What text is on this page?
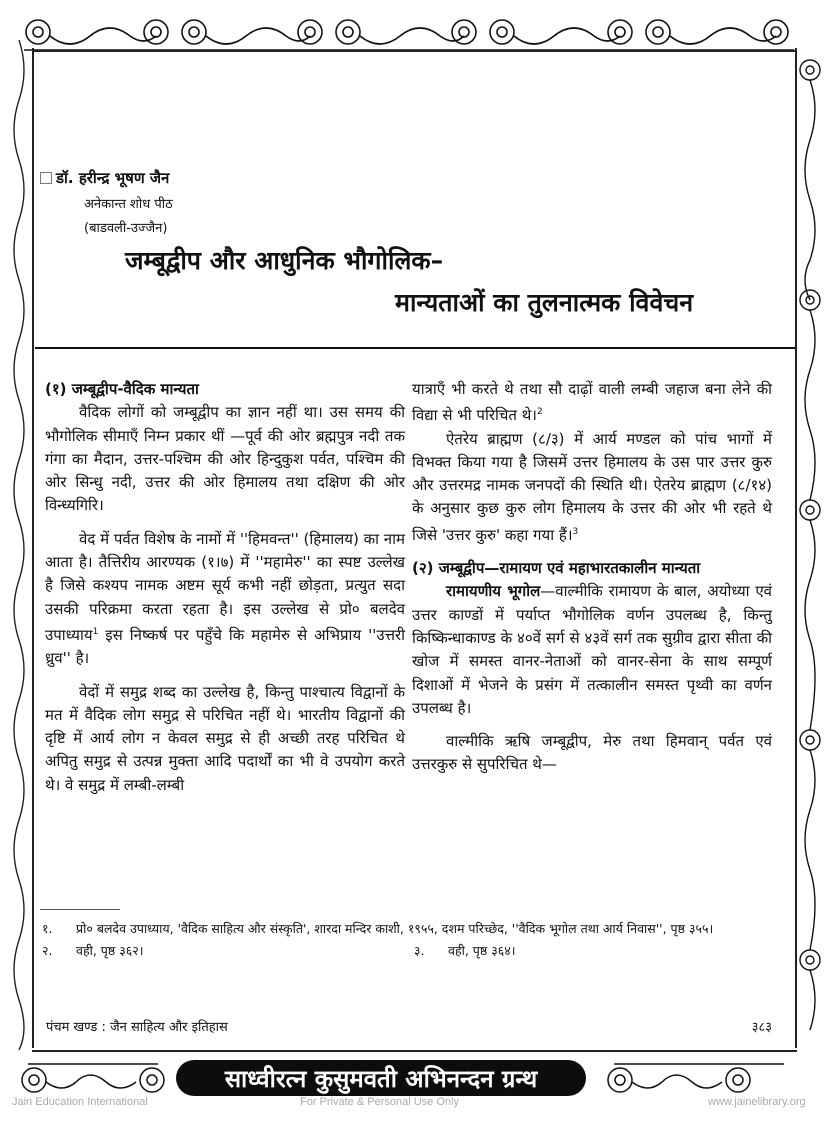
डॉ. हरीन्द्र भूषण जैन
अनेकान्त शोध पीठ
(बाडवली-उज्जैन)
जम्बूद्वीप और आधुनिक भौगोलिक–
मान्यताओं का तुलनात्मक विवेचन

(१) जम्बूद्वीप-वैदिक मान्यता

वैदिक लोगों को जम्बूद्वीप का ज्ञान नहीं था। उस समय की भौगोलिक सीमाएँ निम्न प्रकार थीं —पूर्व की ओर ब्रह्मपुत्र नदी तक गंगा का मैदान, उत्तर-पश्चिम की ओर हिन्दुकुश पर्वत, पश्चिम की ओर सिन्धु नदी, उत्तर की ओर हिमालय तथा दक्षिण की ओर विन्ध्यगिरि।

वेद में पर्वत विशेष के नामों में ''हिमवन्त'' (हिमालय) का नाम आता है। तैत्तिरीय आरण्यक (१।७) में ''महामेरु'' का स्पष्ट उल्लेख है जिसे कश्यप नामक अष्टम सूर्य कभी नहीं छोड़ता, प्रत्युत सदा उसकी परिक्रमा करता रहता है। इस उल्लेख से प्रो० बलदेव उपाध्याय$^1$ इस निष्कर्ष पर पहुँचे कि महामेरु से अभिप्राय ''उत्तरी ध्रुव'' है।

वेदों में समुद्र शब्द का उल्लेख है, किन्तु पाश्चात्य विद्वानों के मत में वैदिक लोग समुद्र से परिचित नहीं थे। भारतीय विद्वानों की दृष्टि में आर्य लोग न केवल समुद्र से ही अच्छी तरह परिचित थे अपितु समुद्र से उत्पन्न मुक्ता आदि पदार्थों का भी वे उपयोग करते थे। वे समुद्र में लम्बी-लम्बी

यात्राएँ भी करते थे तथा सौ दाढ़ों वाली लम्बी जहाज बना लेने की विद्या से भी परिचित थे।$^2$

ऐतरेय ब्राह्मण (८/३) में आर्य मण्डल को पांच भागों में विभक्त किया गया है जिसमें उत्तर हिमालय के उस पार उत्तर कुरु और उत्तरमद्र नामक जनपदों की स्थिति थी। ऐतरेय ब्राह्मण (८/१४) के अनुसार कुछ कुरु लोग हिमालय के उत्तर की ओर भी रहते थे जिसे 'उत्तर कुरु' कहा गया हैं।$^3$

(२) जम्बूद्वीप—रामायण एवं महाभारतकालीन मान्यता

रामायणीय भूगोल—वाल्मीकि रामायण के बाल, अयोध्या एवं उत्तर काण्डों में पर्याप्त भौगोलिक वर्णन उपलब्ध है, किन्तु किष्किन्धाकाण्ड के ४०वें सर्ग से ४३वें सर्ग तक सुग्रीव द्वारा सीता की खोज में समस्त वानर-नेताओं को वानर-सेना के साथ सम्पूर्ण दिशाओं में भेजने के प्रसंग में तत्कालीन समस्त पृथ्वी का वर्णन उपलब्ध है।

वाल्मीकि ऋषि जम्बूद्वीप, मेरु तथा हिमवान् पर्वत एवं उत्तरकुरु से सुपरिचित थे—

१.	प्रो० बलदेव उपाध्याय, 'वैदिक साहित्य और संस्कृति', शारदा मन्दिर काशी, १९५५, दशम परिच्छेद, ''वैदिक भूगोल तथा आर्य निवास'', पृष्ठ ३५५।
२.	वही, पृष्ठ ३६२।	३.	वही, पृष्ठ ३६४।
पंचम खण्ड : जैन साहित्य और इतिहास	३८३
साध्वीरत्न कुसुमवती अभिनन्दन ग्रन्थ
Jain Education International	For Private & Personal Use Only	www.jainelibrary.org
